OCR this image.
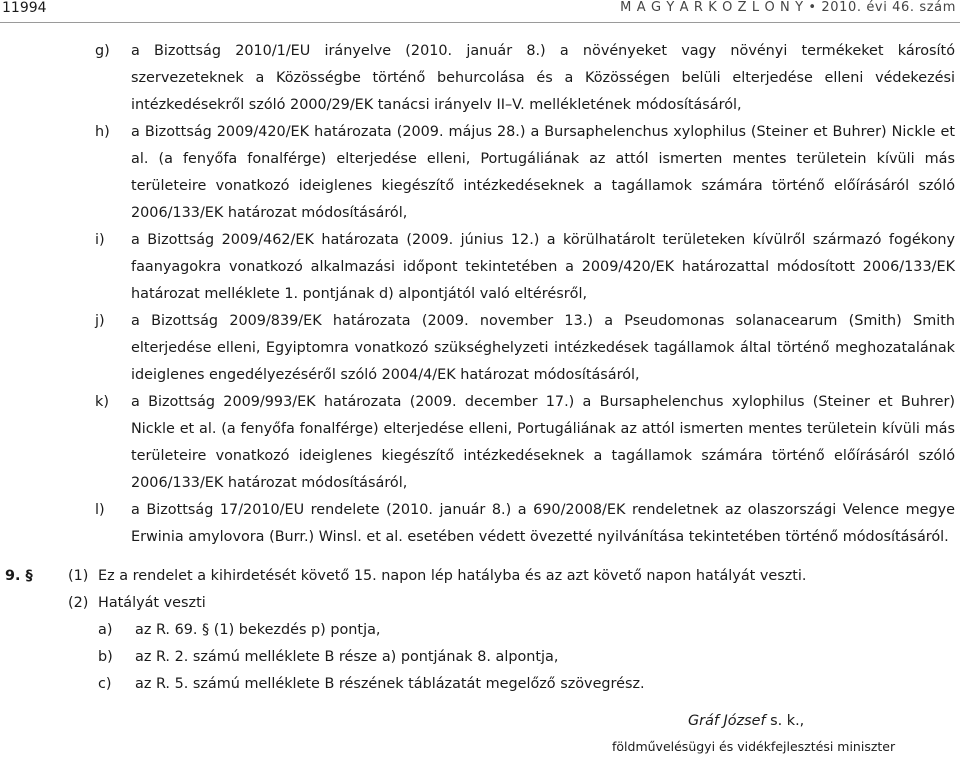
11994	M A G Y A R K Ö Z L Ö N Y • 2010. évi 46. szám
g) a Bizottság 2010/1/EU irányelve (2010. január 8.) a növényeket vagy növényi termékeket károsító szervezeteknek a Közösségbe történő behurcolása és a Közösségen belüli elterjedése elleni védekezési intézkedésekről szóló 2000/29/EK tanácsi irányelv II–V. mellékletének módosításáról,
h) a Bizottság 2009/420/EK határozata (2009. május 28.) a Bursaphelenchus xylophilus (Steiner et Buhrer) Nickle et al. (a fenyőfa fonalférge) elterjedése elleni, Portugáliának az attól ismerten mentes területein kívüli más területeire vonatkozó ideiglenes kiegészítő intézkedéseknek a tagállamok számára történő előírásáról szóló 2006/133/EK határozat módosításáról,
i) a Bizottság 2009/462/EK határozata (2009. június 12.) a körülhatárolt területeken kívülről származó fogékony faanyagokra vonatkozó alkalmazási időpont tekintetében a 2009/420/EK határozattal módosított 2006/133/EK határozat melléklete 1. pontjának d) alpontjától való eltérésről,
j) a Bizottság 2009/839/EK határozata (2009. november 13.) a Pseudomonas solanacearum (Smith) Smith elterjedése elleni, Egyiptomra vonatkozó szükséghelyzeti intézkedések tagállamok által történő meghozatalának ideiglenes engedélyezéséről szóló 2004/4/EK határozat módosításáról,
k) a Bizottság 2009/993/EK határozata (2009. december 17.) a Bursaphelenchus xylophilus (Steiner et Buhrer) Nickle et al. (a fenyőfa fonalférge) elterjedése elleni, Portugáliának az attól ismerten mentes területein kívüli más területeire vonatkozó ideiglenes kiegészítő intézkedéseknek a tagállamok számára történő előírásáról szóló 2006/133/EK határozat módosításáról,
l) a Bizottság 17/2010/EU rendelete (2010. január 8.) a 690/2008/EK rendeletnek az olaszországi Velence megye Erwinia amylovora (Burr.) Winsl. et al. esetében védett övezetté nyilvánítása tekintetében történő módosításáról.
9. § (1) Ez a rendelet a kihirdetését követő 15. napon lép hatályba és az azt követő napon hatályát veszti.
(2) Hatályát veszti
a) az R. 69. § (1) bekezdés p) pontja,
b) az R. 2. számú melléklete B része a) pontjának 8. alpontja,
c) az R. 5. számú melléklete B részének táblázatát megelőző szövegrész.
Gráf József s. k.,
földművelésügyi és vidékfejlesztési miniszter
